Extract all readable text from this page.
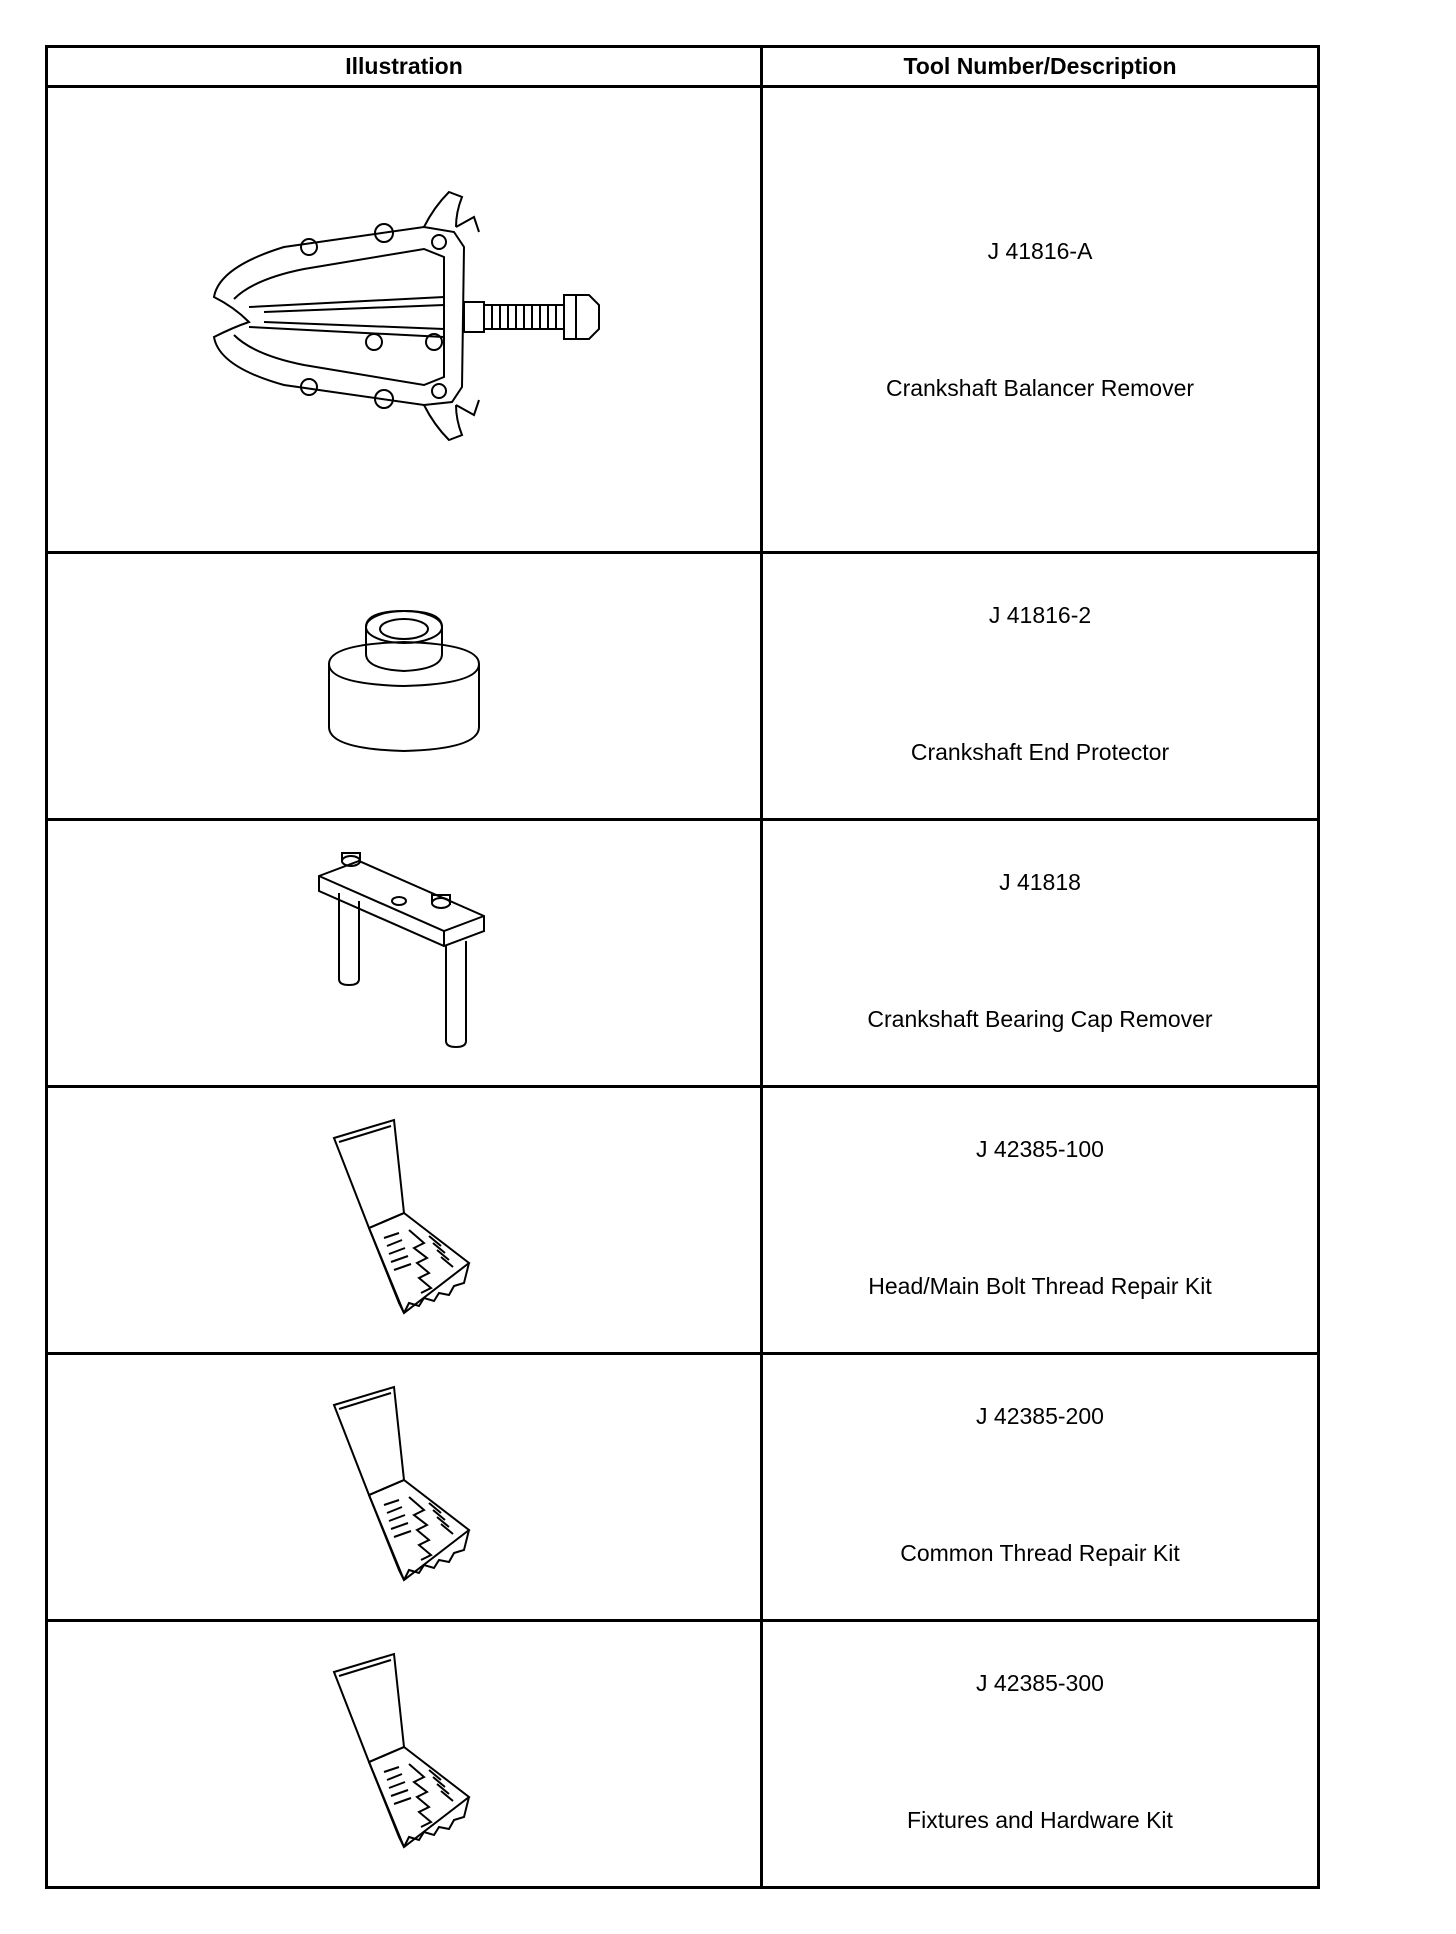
Illustration	Tool Number/Description

J 41816-A
Crankshaft Balancer Remover

J 41816-2
Crankshaft End Protector

J 41818
Crankshaft Bearing Cap Remover

J 42385-100
Head/Main Bolt Thread Repair Kit

J 42385-200
Common Thread Repair Kit

J 42385-300
Fixtures and Hardware Kit
